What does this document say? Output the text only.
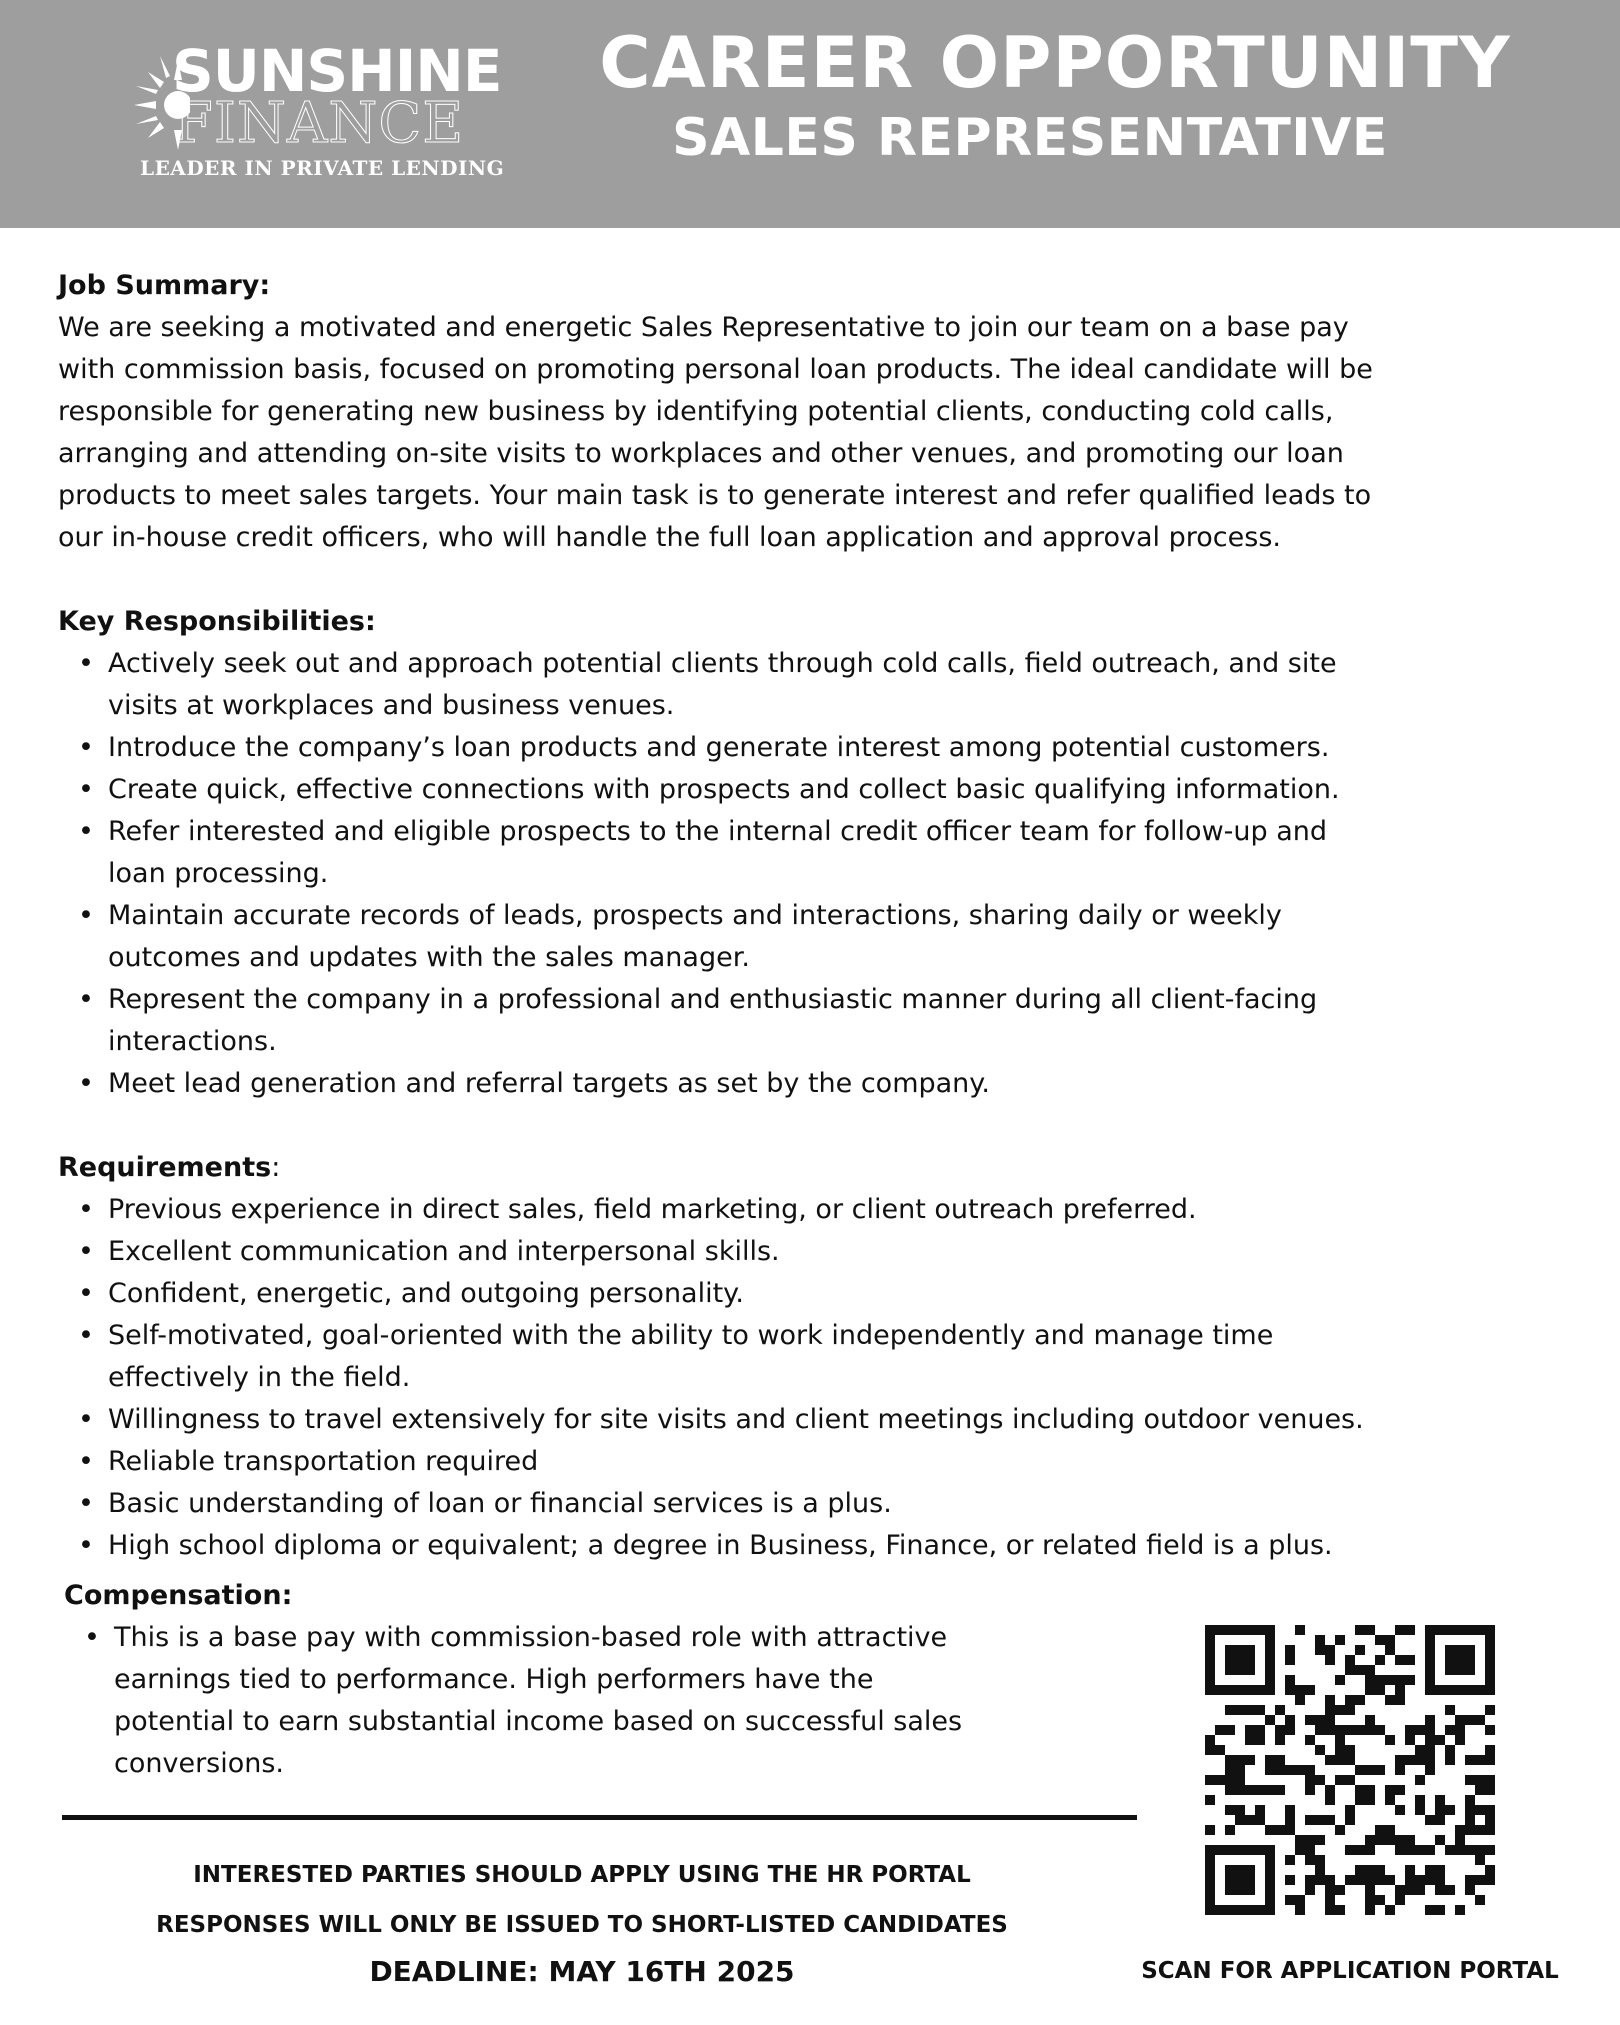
SUNSHINE
FINANCE
LEADER IN PRIVATE LENDING
CAREER OPPORTUNITY
SALES REPRESENTATIVE

Job Summary:

We are seeking a motivated and energetic Sales Representative to join our team on a base pay

with commission basis, focused on promoting personal loan products. The ideal candidate will be

responsible for generating new business by identifying potential clients, conducting cold calls,

arranging and attending on-site visits to workplaces and other venues, and promoting our loan

products to meet sales targets. Your main task is to generate interest and refer qualified leads to

our in-house credit officers, who will handle the full loan application and approval process.

Key Responsibilities:

• Actively seek out and approach potential clients through cold calls, field outreach, and site
visits at workplaces and business venues.
• Introduce the company’s loan products and generate interest among potential customers.
• Create quick, effective connections with prospects and collect basic qualifying information.
• Refer interested and eligible prospects to the internal credit officer team for follow-up and
loan processing.
• Maintain accurate records of leads, prospects and interactions, sharing daily or weekly
outcomes and updates with the sales manager.
• Represent the company in a professional and enthusiastic manner during all client-facing
interactions.
• Meet lead generation and referral targets as set by the company.

Requirements:

• Previous experience in direct sales, field marketing, or client outreach preferred.
• Excellent communication and interpersonal skills.
• Confident, energetic, and outgoing personality.
• Self-motivated, goal-oriented with the ability to work independently and manage time
effectively in the field.
• Willingness to travel extensively for site visits and client meetings including outdoor venues.
• Reliable transportation required
• Basic understanding of loan or financial services is a plus.
• High school diploma or equivalent; a degree in Business, Finance, or related field is a plus.

Compensation:

• This is a base pay with commission-based role with attractive
earnings tied to performance. High performers have the
potential to earn substantial income based on successful sales
conversions.
INTERESTED PARTIES SHOULD APPLY USING THE HR PORTAL
RESPONSES WILL ONLY BE ISSUED TO SHORT-LISTED CANDIDATES
DEADLINE: MAY 16TH 2025	SCAN FOR APPLICATION PORTAL
